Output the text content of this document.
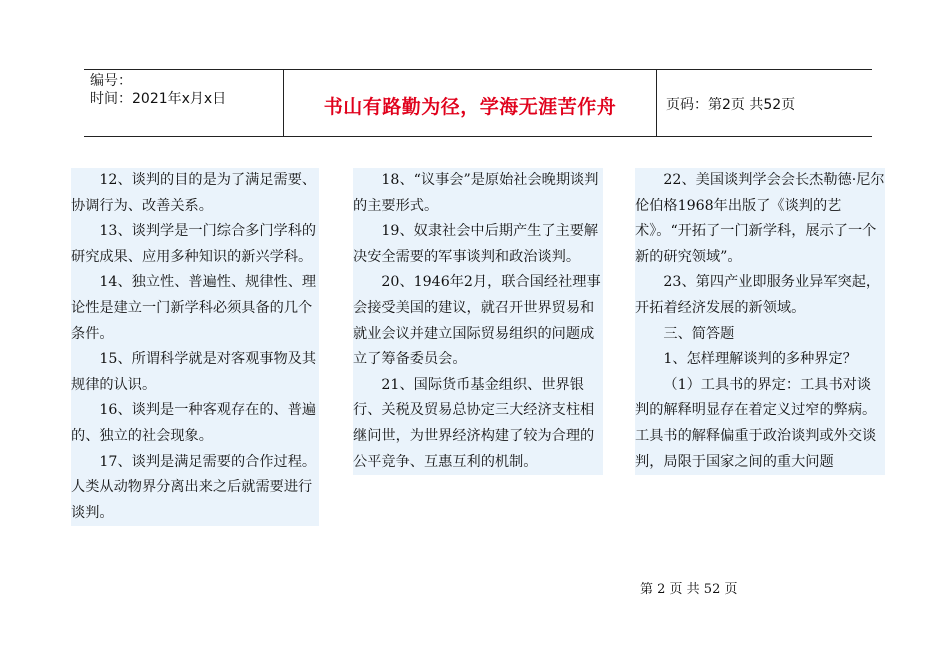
编号：
时间：2021年x月x日	书山有路勤为径，学海无涯苦作舟	页码：第2页 共52页

12、谈判的目的是为了满足需要、协调行为、改善关系。

13、谈判学是一门综合多门学科的研究成果、应用多种知识的新兴学科。

14、独立性、普遍性、规律性、理论性是建立一门新学科必须具备的几个条件。

15、所谓科学就是对客观事物及其规律的认识。

16、谈判是一种客观存在的、普遍的、独立的社会现象。

17、谈判是满足需要的合作过程。人类从动物界分离出来之后就需要进行谈判。

18、“议事会”是原始社会晚期谈判的主要形式。

19、奴隶社会中后期产生了主要解决安全需要的军事谈判和政治谈判。

20、1946年2月，联合国经社理事会接受美国的建议，就召开世界贸易和就业会议并建立国际贸易组织的问题成立了筹备委员会。

21、国际货币基金组织、世界银行、关税及贸易总协定三大经济支柱相继问世，为世界经济构建了较为合理的公平竞争、互惠互利的机制。

22、美国谈判学会会长杰勒德·尼尔伦伯格1968年出版了《谈判的艺术》。“开拓了一门新学科，展示了一个新的研究领域”。

23、第四产业即服务业异军突起，开拓着经济发展的新领域。

三、简答题

1、怎样理解谈判的多种界定？

（1）工具书的界定：工具书对谈判的解释明显存在着定义过窄的弊病。工具书的解释偏重于政治谈判或外交谈判，局限于国家之间的重大问题

第 2 页 共 52 页
